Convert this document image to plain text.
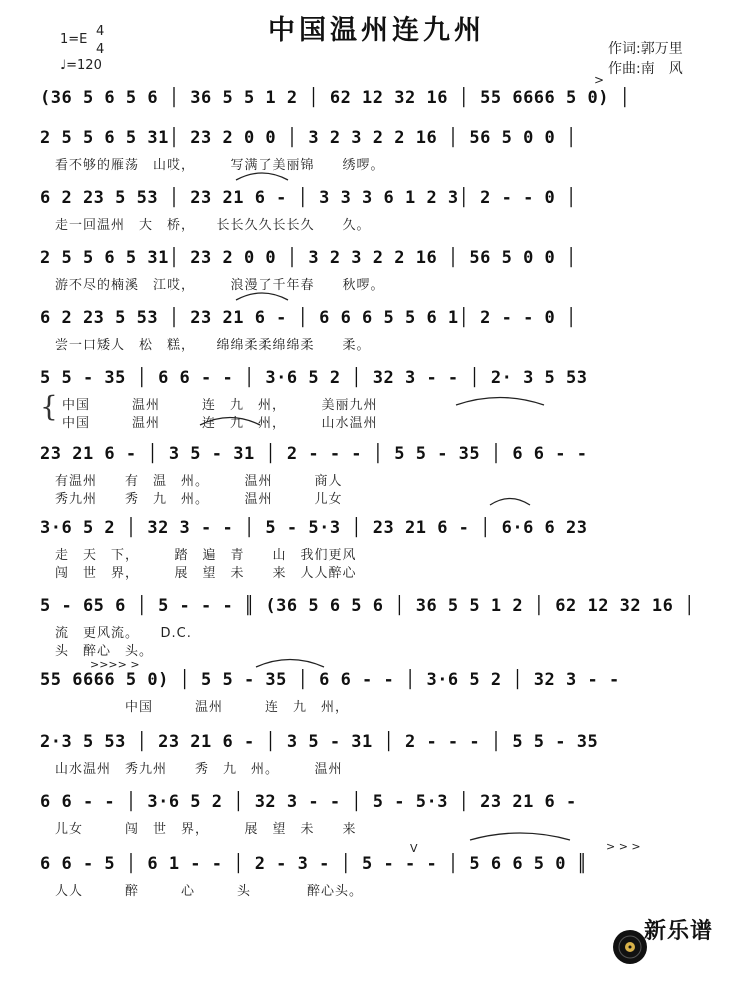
中国温州连九州
1=E
4
4
♩=120
作词:郭万里
作曲:南　风
(36 5 6 5 6 │ 36 5 5 1 2 │ 62 12 32 16 │ 55 6666 5 0) │
2 5 5 6 5 31│ 23 2 0 0 │ 3 2 3 2 2 16 │ 56 5 0 0 │
看不够的雁荡　山哎，　　　写满了美丽锦　　绣啰。
6 2 23 5 53 │ 23 21 6 - │ 3 3 3 6 1 2 3│ 2 - - 0 │
走一回温州　大　桥，　　长长久久长长久　　久。
2 5 5 6 5 31│ 23 2 0 0 │ 3 2 3 2 2 16 │ 56 5 0 0 │
游不尽的楠溪　江哎，　　　浪漫了千年春　　秋啰。
6 2 23 5 53 │ 23 21 6 - │ 6 6 6 5 5 6 1│ 2 - - 0 │
尝一口矮人　松　糕，　　绵绵柔柔绵绵柔　　柔。
5 5 - 35 │ 6 6 - - │ 3·6 5 2 │ 32 3 - - │ 2· 3 5 53
{ 中国　　　温州　　　连　九　州，　　　美丽九州
中国　　　温州　　　连　九　州，　　　山水温州
23 21 6 - │ 3 5 - 31 │ 2 - - - │ 5 5 - 35 │ 6 6 - -
有温州　　有　温　州。　　　温州　　　商人
秀九州　　秀　九　州。　　　温州　　　儿女
3·6 5 2 │ 32 3 - - │ 5 - 5·3 │ 23 21 6 - │ 6·6 6 23
走　天　下，　　　踏　遍　青　　山　我们更风
闯　世　界，　　　展　望　未　　来　人人醉心
5 - 65 6 │ 5 - - - ║ (36 5 6 5 6 │ 36 5 5 1 2 │ 62 12 32 16 │
流　更风流。　　D.C.
头　醉心　头。
55 6666 5 0) │ 5 5 - 35 │ 6 6 - - │ 3·6 5 2 │ 32 3 - -
　　　　　中国　　　温州　　　连　九　州，
2·3 5 53 │ 23 21 6 - │ 3 5 - 31 │ 2 - - - │ 5 5 - 35
山水温州　秀九州　　秀　九　州。　　　温州
6 6 - - │ 3·6 5 2 │ 32 3 - - │ 5 - 5·3 │ 23 21 6 -
儿女　　　闯　世　界，　　　展　望　未　　来
6 6 - 5 │ 6 1 - - │ 2 - 3 - │ 5 - - - │ 5 6 6 5 0 ║
人人　　　醉　　　心　　　头　　　　醉心头。
>
>>>> >
> > >
V

新乐谱
